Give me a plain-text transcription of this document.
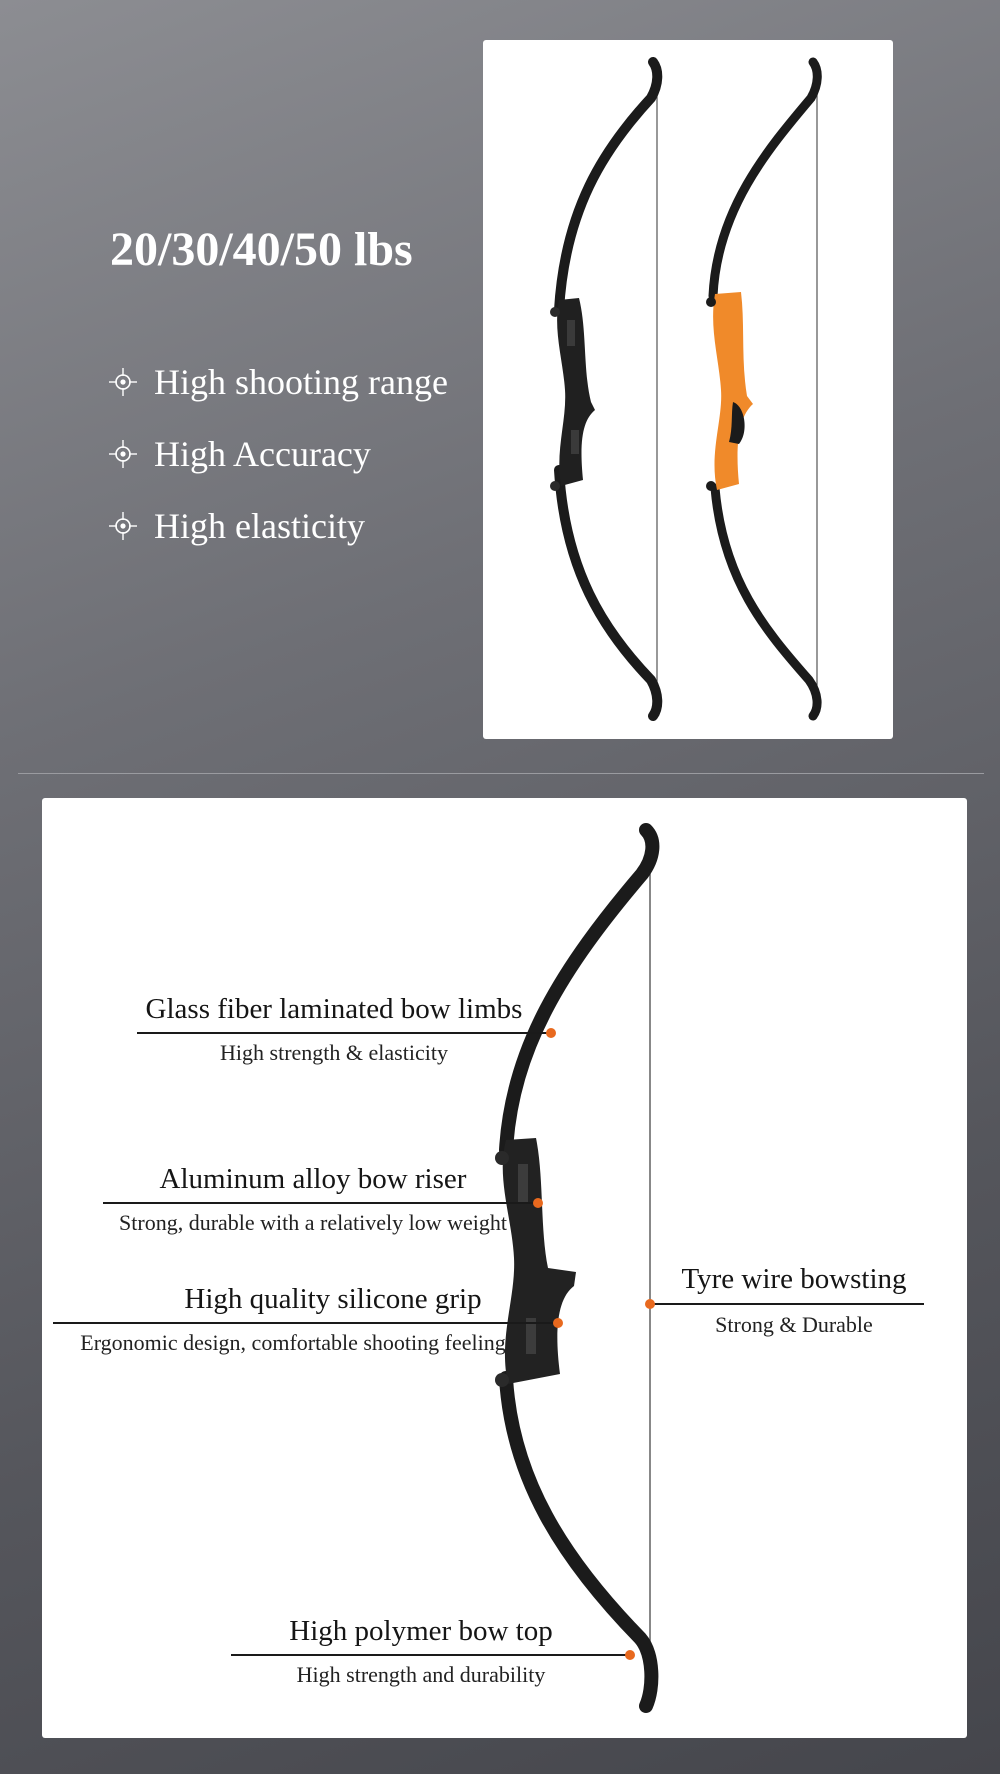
20/30/40/50 lbs
High shooting range
High Accuracy
High elasticity
Glass fiber laminated bow limbs
High strength & elasticity
Aluminum alloy bow riser
Strong, durable with a relatively low weight
High quality silicone grip
Ergonomic design, comfortable shooting feeling
Tyre wire bowsting
Strong & Durable
High polymer bow top
High strength and durability
